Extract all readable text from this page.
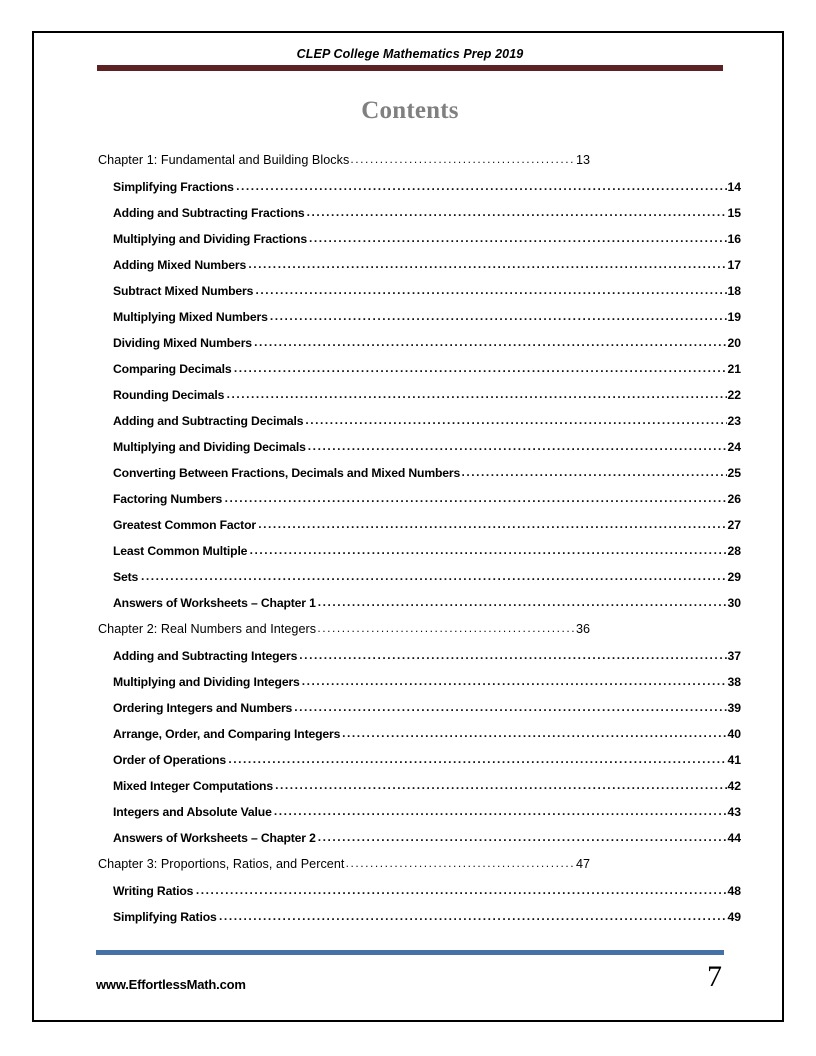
CLEP College Mathematics Prep 2019
Contents
Chapter 1: Fundamental and Building Blocks .....	13
Simplifying Fractions .....	14
Adding and Subtracting Fractions .....	15
Multiplying and Dividing Fractions .....	16
Adding Mixed Numbers .....	17
Subtract Mixed Numbers .....	18
Multiplying Mixed Numbers .....	19
Dividing Mixed Numbers .....	20
Comparing Decimals .....	21
Rounding Decimals .....	22
Adding and Subtracting Decimals .....	23
Multiplying and Dividing Decimals .....	24
Converting Between Fractions, Decimals and Mixed Numbers .....	25
Factoring Numbers .....	26
Greatest Common Factor .....	27
Least Common Multiple .....	28
Sets .....	29
Answers of Worksheets – Chapter 1 .....	30
Chapter 2: Real Numbers and Integers .....	36
Adding and Subtracting Integers .....	37
Multiplying and Dividing Integers .....	38
Ordering Integers and Numbers .....	39
Arrange, Order, and Comparing Integers .....	40
Order of Operations .....	41
Mixed Integer Computations .....	42
Integers and Absolute Value .....	43
Answers of Worksheets – Chapter 2 .....	44
Chapter 3: Proportions, Ratios, and Percent .....	47
Writing Ratios .....	48
Simplifying Ratios .....	49
www.EffortlessMath.com	7
